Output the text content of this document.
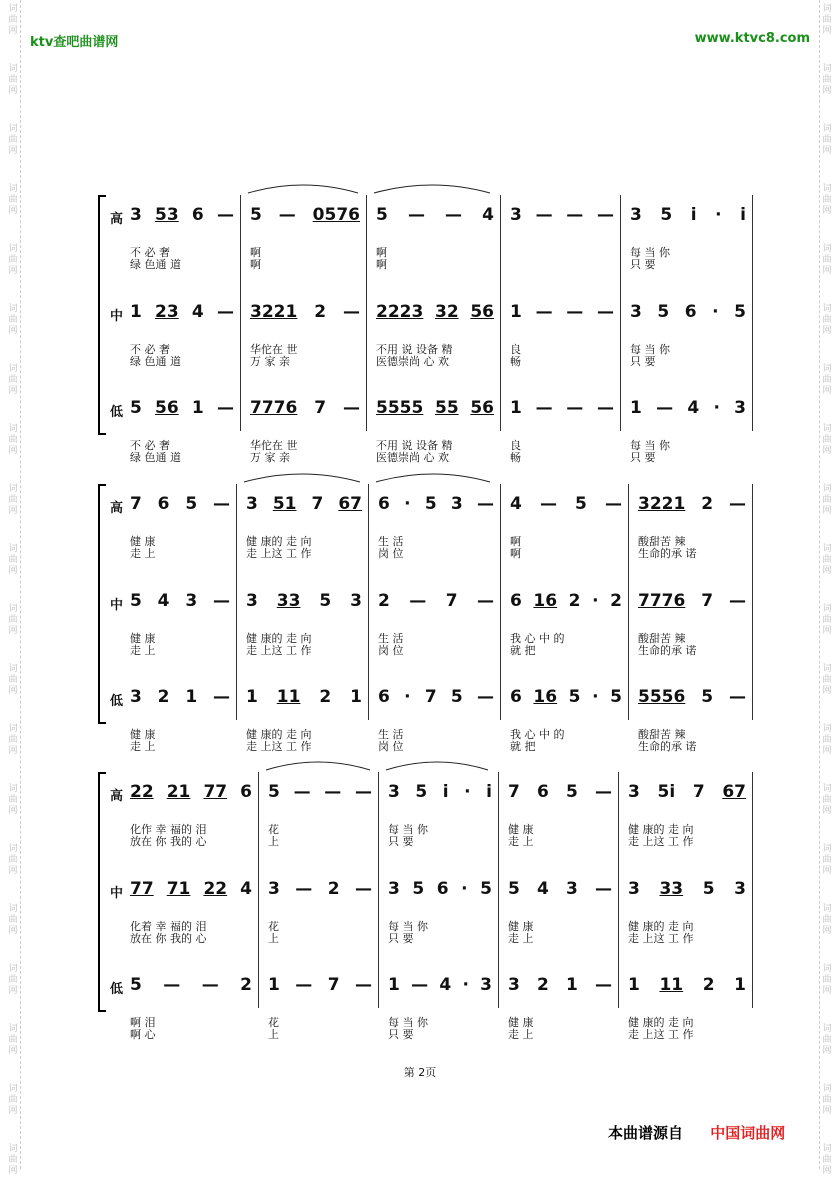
词
曲
网
词
曲
网
词
曲
网
词
曲
网
词
曲
网
词
曲
网
词
曲
网
词
曲
网
词
曲
网
词
曲
网
词
曲
网
词
曲
网
词
曲
网
词
曲
网
词
曲
网
词
曲
网
词
曲
网
词
曲
网
词
曲
网
词
曲
网
词
曲
网
词
曲
网
词
曲
网
词
曲
网
词
曲
网
词
曲
网
词
曲
网
词
曲
网
词
曲
网
词
曲
网
词
曲
网
词
曲
网
词
曲
网
词
曲
网
词
曲
网
词
曲
网
词
曲
网
词
曲
网
词
曲
网
词
曲
网
ktv查吧曲谱网	www.ktvc8.com
高 3 53 6 —
不 必 奢
绿 色通 道
5 — 0576
啊
啊
5 — — 4
啊
啊
3 — — — 3 5 i · i
每 当 你
只 要
中 1 23 4 —
不 必 奢
绿 色通 道
3221 2 —
华佗在 世
万 家 亲
2223 32 56
不用 说 设备 精
医德崇尚 心 欢
1 — — —
良
畅
3 5 6 · 5
每 当 你
只 要
低 5 56 1 —
不 必 奢
绿 色通 道
7776 7 —
华佗在 世
万 家 亲
5555 55 56
不用 说 设备 精
医德崇尚 心 欢
1 — — —
良
畅
1 — 4 · 3
每 当 你
只 要
高 7 6 5 —
健 康
走 上
3 51 7 67
健 康的 走 向
走 上这 工 作
6 · 5 3 —
生 活
岗 位
4 — 5 —
啊
啊
3221 2 —
酸甜苦 辣
生命的承 诺
中 5 4 3 —
健 康
走 上
3 33 5 3
健 康的 走 向
走 上这 工 作
2 — 7 —
生 活
岗 位
6 16 2 · 2
我 心 中 的
就 把
7776 7 —
酸甜苦 辣
生命的承 诺
低 3 2 1 —
健 康
走 上
1 11 2 1
健 康的 走 向
走 上这 工 作
6 · 7 5 —
生 活
岗 位
6 16 5 · 5
我 心 中 的
就 把
5556 5 —
酸甜苦 辣
生命的承 诺
高 22 21 77 6
化作 幸 福的 泪
放在 你 我的 心
5 — — —
花
上
3 5 i · i
每 当 你
只 要
7 6 5 —
健 康
走 上
3 5i 7 67
健 康的 走 向
走 上这 工 作
中 77 71 22 4
化着 幸 福的 泪
放在 你 我的 心
3 — 2 —
花
上
3 5 6 · 5
每 当 你
只 要
5 4 3 —
健 康
走 上
3 33 5 3
健 康的 走 向
走 上这 工 作
低 5 — — 2
啊 泪
啊 心
1 — 7 —
花
上
1 — 4 · 3
每 当 你
只 要
3 2 1 —
健 康
走 上
1 11 2 1
健 康的 走 向
走 上这 工 作
第 2页
本曲谱源自 中国词曲网
